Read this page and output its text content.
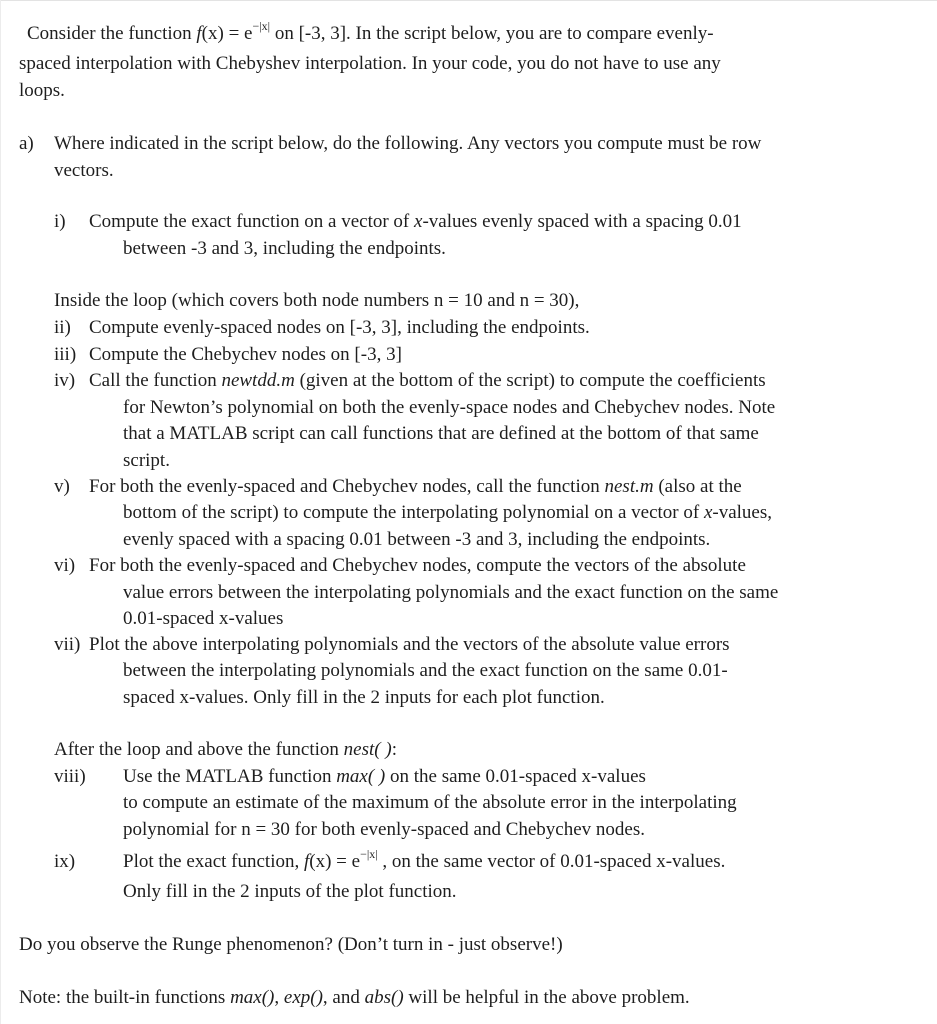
Consider the function $f(x) = e^{-|x|}$ on [-3, 3]. In the script below, you are to compare evenly-
spaced interpolation with Chebyshev interpolation. In your code, you do not have to use any
loops.
a) Where indicated in the script below, do the following. Any vectors you compute must be row
vectors.
i) Compute the exact function on a vector of x-values evenly spaced with a spacing 0.01
between -3 and 3, including the endpoints.
Inside the loop (which covers both node numbers n = 10 and n = 30),
ii) Compute evenly-spaced nodes on [-3, 3], including the endpoints.
iii) Compute the Chebychev nodes on [-3, 3]
iv) Call the function newtdd.m (given at the bottom of the script) to compute the coefficients
for Newton’s polynomial on both the evenly-space nodes and Chebychev nodes. Note
that a MATLAB script can call functions that are defined at the bottom of that same
script.
v) For both the evenly-spaced and Chebychev nodes, call the function nest.m (also at the
bottom of the script) to compute the interpolating polynomial on a vector of x-values,
evenly spaced with a spacing 0.01 between -3 and 3, including the endpoints.
vi) For both the evenly-spaced and Chebychev nodes, compute the vectors of the absolute
value errors between the interpolating polynomials and the exact function on the same
0.01-spaced x-values
vii) Plot the above interpolating polynomials and the vectors of the absolute value errors
between the interpolating polynomials and the exact function on the same 0.01-
spaced x-values. Only fill in the 2 inputs for each plot function.
After the loop and above the function nest( ):
viii) Use the MATLAB function max( ) on the same 0.01-spaced x-values
to compute an estimate of the maximum of the absolute error in the interpolating
polynomial for n = 30 for both evenly-spaced and Chebychev nodes.
ix)	Plot the exact function, $f(x) = e^{-|x|}$ , on the same vector of 0.01-spaced x-values.
Only fill in the 2 inputs of the plot function.
Do you observe the Runge phenomenon? (Don’t turn in - just observe!)
Note: the built-in functions max(), exp(), and abs() will be helpful in the above problem.
